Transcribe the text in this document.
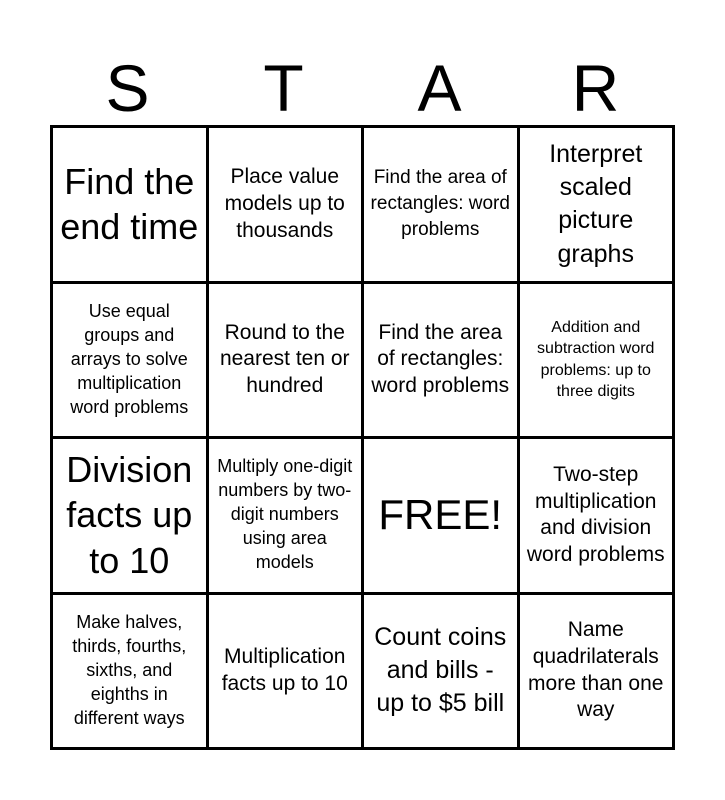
S	T	A	R
Find the end time
Place value models up to thousands
Find the area of rectangles: word problems
Interpret scaled picture graphs
Use equal groups and arrays to solve multiplication word problems
Round to the nearest ten or hundred
Find the area of rectangles: word problems
Addition and subtraction word problems: up to three digits
Division facts up to 10
Multiply one-digit numbers by two-digit numbers using area models
FREE!
Two-step multiplication and division word problems
Make halves, thirds, fourths, sixths, and eighths in different ways
Multiplication facts up to 10
Count coins and bills - up to $5 bill
Name quadrilaterals more than one way
